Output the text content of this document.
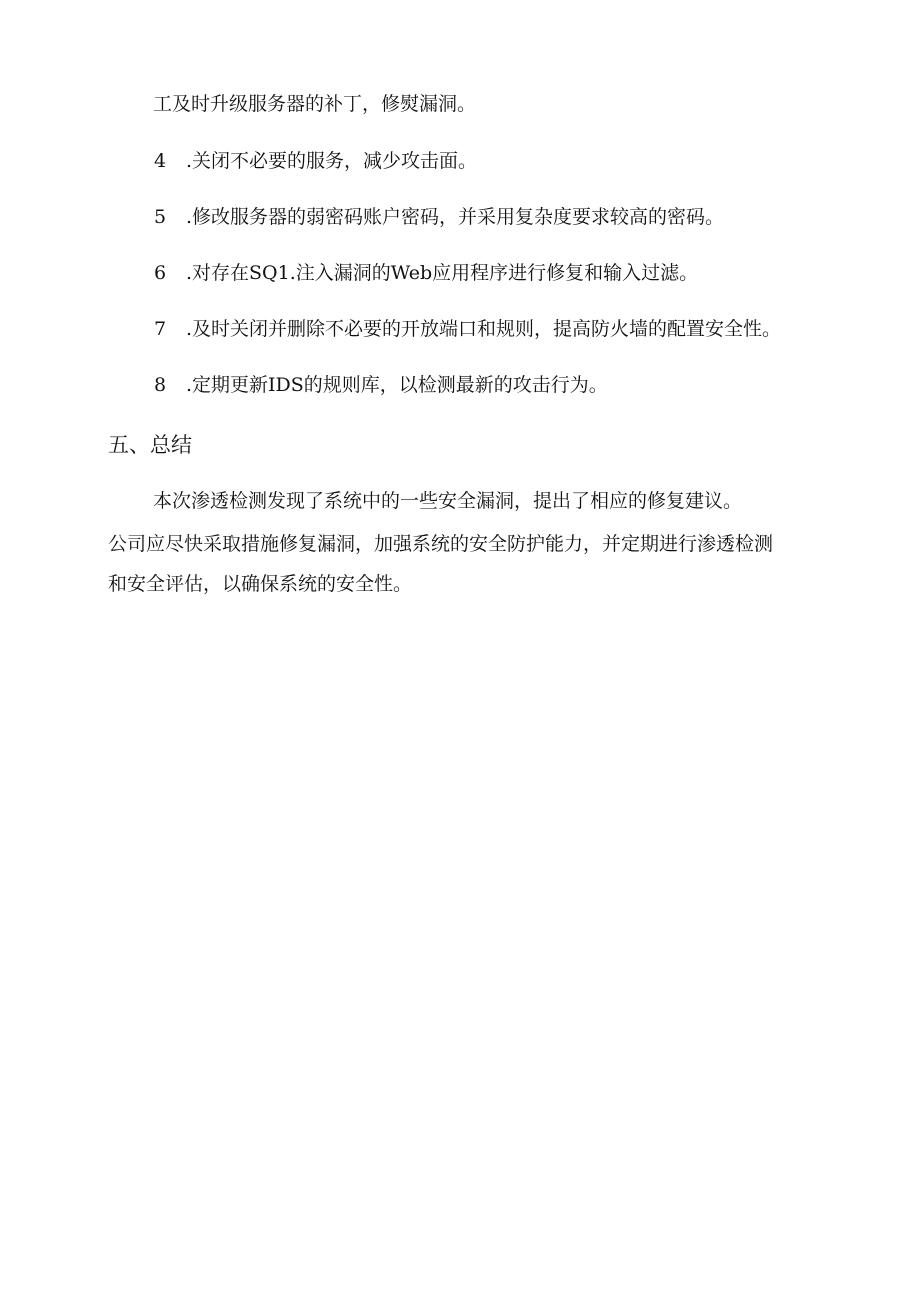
工及时升级服务器的补丁，修熨漏洞。
4 .关闭不必要的服务，减少攻击面。
5 .修改服务器的弱密码账户密码，并采用复杂度要求较高的密码。
6 .对存在SQ1.注入漏洞的Web应用程序进行修复和输入过滤。
7 .及时关闭并删除不必要的开放端口和规则，提高防火墙的配置安全性。
8 .定期更新IDS的规则库，以检测最新的攻击行为。
五、总结
本次渗透检测发现了系统中的一些安全漏洞，提出了相应的修复建议。
公司应尽快采取措施修复漏洞，加强系统的安全防护能力，并定期进行渗透检测
和安全评估，以确保系统的安全性。
